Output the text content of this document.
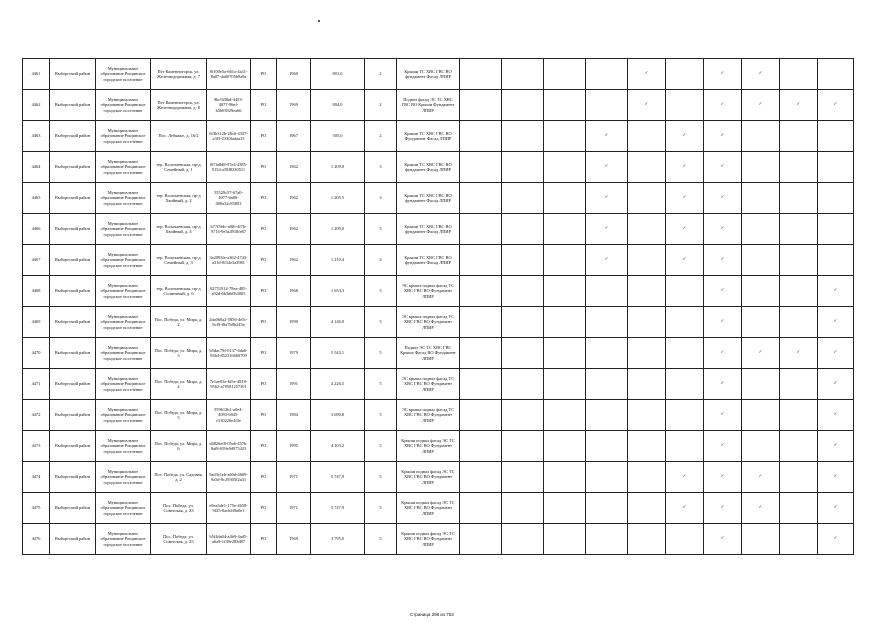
4461	Выборгский район	Муниципальное образование Рощинское городское поселение	Пгт Каменногорск, ул. Железнодорожная, д. 7	8f100e5a-661a-4a31-8a07-da00705b9a9a	РО	1960	801,0	2	Крыши ТС ХВС ГВС ВО фундамент Фасад ЛПИР					✓		✓	✓		
4462	Выборгский район	Муниципальное образование Рощинское городское поселение	Пгт Каменногорск, ул. Железнодорожная, д. 8	9bc920bd-4453-4077-96ef-b5b03929ea66	РО	1969	804,0	2	Подвал фасад ЭС ТС ХВС ГВС ВО Крыши Фундамент ЛПИР					✓		✓	✓	✓	✓
4463	Выборгский район	Муниципальное образование Рощинское городское поселение	Пос. Лебяжье, д. 16/2	6f3b312b-28c6-4337-a3f5-2330fadaa15	РО	1967	505,0	2	Крыши ТС ХВС ГВС ВО Фундамент Фасад ЛПИР				✓		✓	✓			
4464	Выборгский район	Муниципальное образование Рощинское городское поселение	тер. Волочаевская, пр-д Семейный, д. 1	0f7fa8d8-97e4-4385-9154-a58f8230511	РО	1962	1 209,0	3	Крыши ТС ХВС ГВС ВО фундамент Фасад ЛПИР				✓		✓	✓			
4465	Выборгский район	Муниципальное образование Рощинское городское поселение	тер. Волочаевская, пр-д Хвойный, д. 2	55529c57-67a0-4077-ba00-000a32c85803	РО	1962	1 205,5	3	Крыши ТС ХВС ГВС ВО фундамент Фасад ЛПИР				✓		✓	✓			
4466	Выборгский район	Муниципальное образование Рощинское городское поселение	тер. Волочаевская, пр-д Хвойный, д. 4	b77f5fdc-a0f6-4f7b-9714-9e5a4918fe67	РО	1962	1 209,0	3	Крыши ТС ХВС ГВС ВО фундамент Фасад ЛПИР				✓		✓	✓			
4467	Выборгский район	Муниципальное образование Рощинское городское поселение	тер. Волочаевская, пр-д Семейный, д. 3	3a2093fe-a362-4743-a31d-0f34e3a3981	РО	1962	1 210,4	3	Крыши ТС ХВС ГВС ВО фундамент Фасад ЛПИР				✓		✓	✓			
4468	Выборгский район	Муниципальное образование Рощинское городское поселение	тер. Волочаевская, пр-д Солнечный, д. 6	02751912-78ea-485-a92d-6b3ab0b3005	РО	1968	1 653,3	3	ЭС крыша подвал фасад ТС ХВС ГВС ВО Фундамент ЛПИР							✓			✓
4469	Выборгский район	Муниципальное образование Рощинское городское поселение	Пос. Победа, ул. Мира, д. 2	2da060a2-5856-4e5c-8cf9-f8a7b8b245a	РО	1990	4 146,0	5	ЭС крыша подвал фасад ТС ХВС ГВС ВО Фундамент ЛПИР							✓			✓
4470	Выборгский район	Муниципальное образование Рощинское городское поселение	Пос. Победа, ул. Мира, д. 3	b5dac79f-0137-4da6-93b4-852316660709	РО	1979	5 543,1	5	Подвал ЭС ТС ХВС ГВС Крыша Фасад ВО Фундамент ЛПИР							✓	✓	✓	✓
4471	Выборгский район	Муниципальное образование Рощинское городское поселение	Пос. Победа, ул. Мира, д. 4	7e1ae03e-6f5e-4818-9562-a70581257391	РО	1991	4 226,5	5	ЭС крыша подвал фасад ТС ХВС ГВС ВО Фундамент ЛПИР							✓			✓
4472	Выборгский район	Муниципальное образование Рощинское городское поселение	Пос. Победа, ул. Мира, д. 5	559612b1-a0e4-4093-b945-c530226e4f3e	РО	1984	3 690,8	5	ЭС крыша подвал фасад ТС ХВС ГВС ВО Фундамент ЛПИР							✓			✓
4473	Выборгский район	Муниципальное образование Рощинское городское поселение	Пос. Победа, ул. Мира, д. 6	d4826ef8-05a6-457b-8af8-659e9d975423	РО	1995	4 103,2	5	Крыши подвал фасад ЭС ТС ХВС ГВС ВО Фундамент ЛПИР							✓			✓
4474	Выборгский район	Муниципальное образование Рощинское городское поселение	Пос. Победа, ул. Садовая, д. 2	9ad3e1eb-a60d-4609-9a5d-8c29305f2a31	РО	1971	5 747,9	5	Крыши подвал фасад ЭС ТС ХВС ГВС ВО Фундамент ЛПИР						✓	✓	✓		✓
4475	Выборгский район	Муниципальное образование Рощинское городское поселение	Пос. Победа, ул. Советская, д. 23	e9ea3de1-175e-4658-9f25-0acb4f9a0e1	РО	1971	5 747,9	5	Крыши подвал фасад ЭС ТС ХВС ГВС ВО Фундамент ЛПИР						✓	✓	✓		✓
4476	Выборгский район	Муниципальное образование Рощинское городское поселение	Пос. Победа, ул. Советская, д. 25	b5f4da04-a4b9-4ad5-a6a9-1f39e283d87	РО	1969	3 795,0	5	Крыши подвал фасад ЭС ТС ХВС ГВС ВО Фундамент ЛПИР							✓			✓
Страница 298 из 753
